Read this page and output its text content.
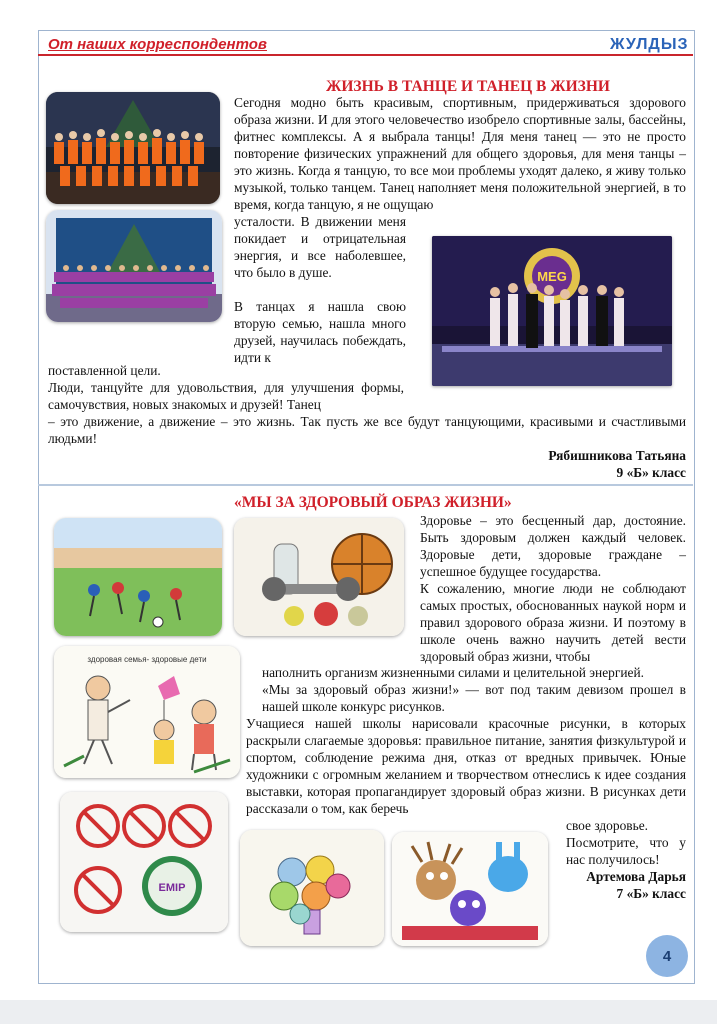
От наших корреспондентов	ЖУЛДЫЗ
ЖИЗНЬ В ТАНЦЕ И ТАНЕЦ В ЖИЗНИ
MEG
Сегодня модно быть красивым, спортивным, придерживаться здорового образа жизни. И для этого человечество изобрело спортивные залы, бассейны, фитнес комплексы. А я выбрала танцы! Для меня танец — это не просто повторение физических упражнений для общего здоровья, для меня танцы – это жизнь. Когда я танцую, то все мои проблемы уходят далеко, я живу только музыкой, только танцем. Танец наполняет меня положительной энергией, в то время, когда танцую, я не ощущаю
усталости. В движении меня покидает и отрицательная энергия, и все наболевшее, что было в душе.
В танцах я нашла свою вторую семью, нашла много друзей, научилась побеждать, идти к
поставленной цели.
Люди, танцуйте для удовольствия, для улучшения формы, самочувствия, новых знакомых и друзей! Танец
– это движение, а движение – это жизнь. Так пусть же все будут танцующими, красивыми и счастливыми людьми!
Рябишникова Татьяна
9 «Б» класс
«МЫ ЗА ЗДОРОВЫЙ ОБРАЗ ЖИЗНИ»
здоровая семья- здоровые дети
EMIР
Здоровье – это бесценный дар, достояние. Быть здоровым должен каждый человек. Здоровые дети, здоровые граждане – успешное будущее государства.
К сожалению, многие люди не соблюдают самых простых, обоснованных наукой норм и правил здорового образа жизни. И поэтому в школе очень важно научить детей вести здоровый образ жизни, чтобы
наполнить организм жизненными силами и целительной энергией.
«Мы за здоровый образ жизни!» — вот под таким девизом прошел в нашей школе конкурс рисунков.
Учащиеся нашей школы нарисовали красочные рисунки, в которых раскрыли слагаемые здоровья: правильное питание, занятия физкультурой и спортом, соблюдение режима дня, отказ от вредных привычек. Юные художники с огромным желанием и творчеством отнеслись к идее создания выставки, которая пропагандирует здоровый образ жизни. В рисунках дети рассказали о том, как беречь
свое здоровье.
Посмотрите, что у нас получилось!
Артемова Дарья
7 «Б» класс
4
